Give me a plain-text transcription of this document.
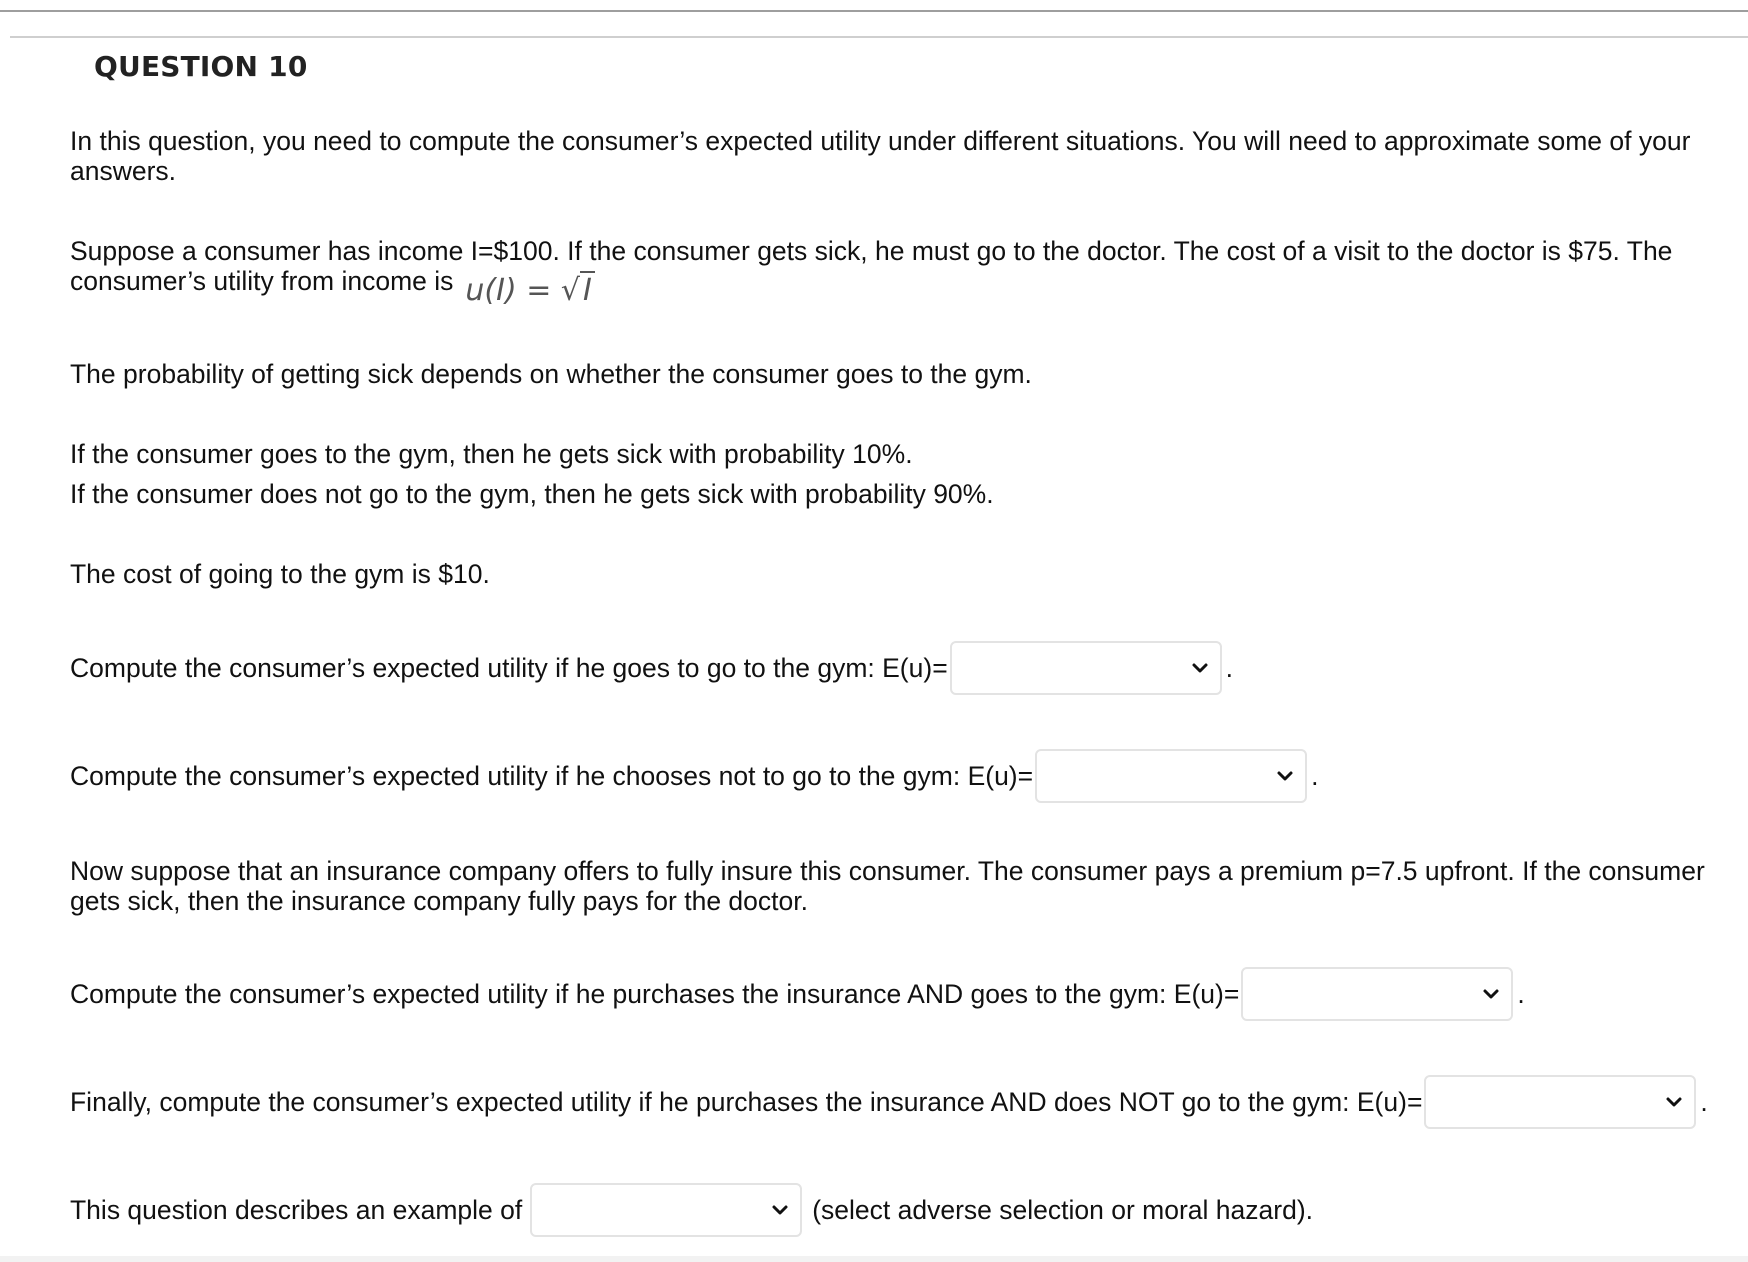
QUESTION 10
In this question, you need to compute the consumer’s expected utility under different situations. You will need to approximate some of your answers.
Suppose a consumer has income I=$100. If the consumer gets sick, he must go to the doctor. The cost of a visit to the doctor is $75. The
consumer’s utility from income is u(I) = √ I
The probability of getting sick depends on whether the consumer goes to the gym.
If the consumer goes to the gym, then he gets sick with probability 10%.
If the consumer does not go to the gym, then he gets sick with probability 90%.
The cost of going to the gym is $10.
Compute the consumer’s expected utility if he goes to go to the gym: E(u)=	.
Compute the consumer’s expected utility if he chooses not to go to the gym: E(u)=	.
Now suppose that an insurance company offers to fully insure this consumer. The consumer pays a premium p=7.5 upfront. If the consumer gets sick, then the insurance company fully pays for the doctor.
Compute the consumer’s expected utility if he purchases the insurance AND goes to the gym: E(u)=	.
Finally, compute the consumer’s expected utility if he purchases the insurance AND does NOT go to the gym: E(u)=	.
This question describes an example of	(select adverse selection or moral hazard).
